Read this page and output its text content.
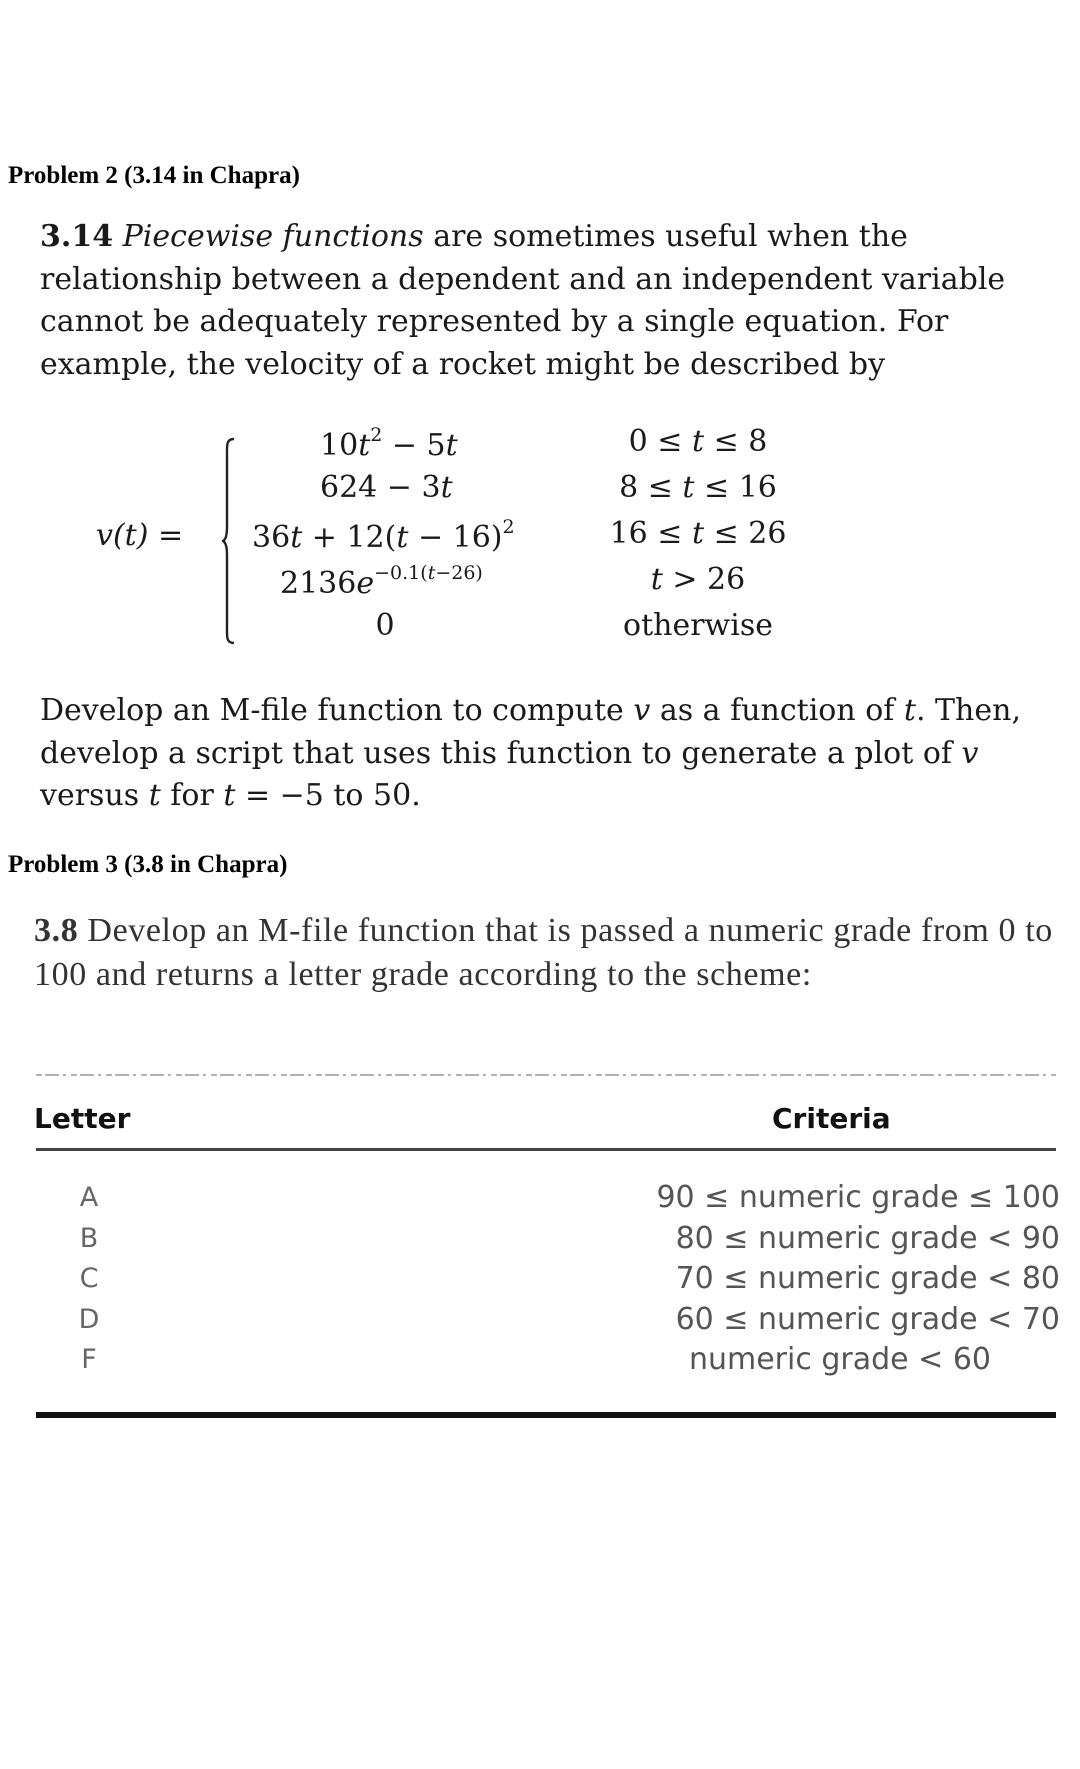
Problem 2 (3.14 in Chapra)
3.14 Piecewise functions are sometimes useful when the relationship between a dependent and an independent variable cannot be adequately represented by a single equation. For example, the velocity of a rocket might be described by
v(t) =
$10t^2 - 5t$
624 − 3t
$36t + 12(t - 16)^2$
$2136e^{-0.1(t-26)}$
0
0 ≤ t ≤ 8
8 ≤ t ≤ 16
16 ≤ t ≤ 26
t > 26
otherwise
Develop an M-file function to compute v as a function of t. Then, develop a script that uses this function to generate a plot of v versus t for t = −5 to 50.
Problem 3 (3.8 in Chapra)
3.8 Develop an M-file function that is passed a numeric grade from 0 to 100 and returns a letter grade according to the scheme:
Letter	Criteria
A
B
C
D
F
90 ≤ numeric grade ≤ 100
80 ≤ numeric grade < 90
70 ≤ numeric grade < 80
60 ≤ numeric grade < 70
numeric grade < 60
